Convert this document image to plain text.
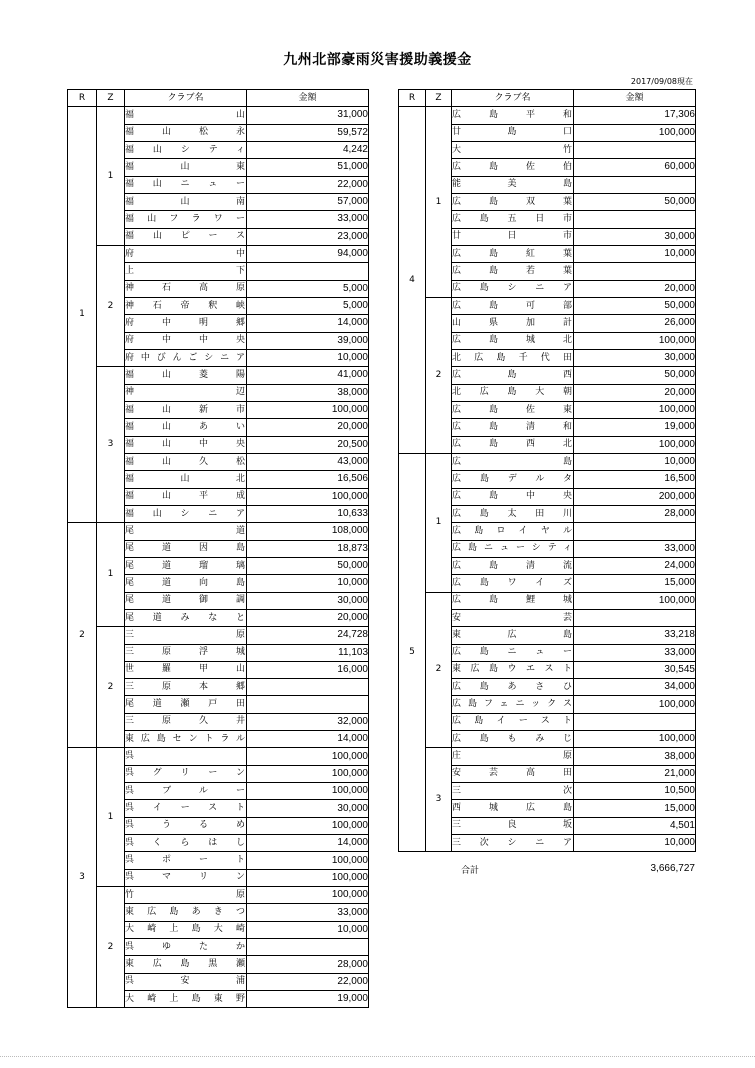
九州北部豪雨災害援助義援金
2017/09/08現在
R	Z	クラブ名	金額
1	1	福山	31,000
		福山松永	59,572
		福山シティ	4,242
		福山東	51,000
		福山ニュー	22,000
		福山南	57,000
		福山フラワー	33,000
		福山ピース	23,000
	2	府中	94,000
		上下	
		神石高原	5,000
		神石帝釈峡	5,000
		府中明郷	14,000
		府中中央	39,000
		府中びんごシニア	10,000
	3	福山菱陽	41,000
		神辺	38,000
		福山新市	100,000
		福山あい	20,000
		福山中央	20,500
		福山久松	43,000
		福山北	16,506
		福山平成	100,000
		福山シニア	10,633
2	1	尾道	108,000
		尾道因島	18,873
		尾道瑠璃	50,000
		尾道向島	10,000
		尾道御調	30,000
		尾道みなと	20,000
	2	三原	24,728
		三原浮城	11,103
		世羅甲山	16,000
		三原本郷	
		尾道瀬戸田	
		三原久井	32,000
		東広島セントラル	14,000
3	1	呉	100,000
		呉グリーン	100,000
		呉ブルー	100,000
		呉イースト	30,000
		呉うるめ	100,000
		呉くらはし	14,000
		呉ポート	100,000
		呉マリン	100,000
	2	竹原	100,000
		東広島あきつ	33,000
		大崎上島大崎	10,000
		呉ゆたか	
		東広島黒瀬	28,000
		呉安浦	22,000
		大崎上島東野	19,000
R	Z	クラブ名	金額
4	1	広島平和	17,306
		廿島口	100,000
		大竹	
		広島佐伯	60,000
		能美島	
		広島双葉	50,000
		広島五日市	
		廿日市	30,000
		広島紅葉	10,000
		広島若葉	
		広島シニア	20,000
	2	広島可部	50,000
		山県加計	26,000
		広島城北	100,000
		北広島千代田	30,000
		広島西	50,000
		北広島大朝	20,000
		広島佐東	100,000
		広島清和	19,000
		広島西北	100,000
5	1	広島	10,000
		広島デルタ	16,500
		広島中央	200,000
		広島太田川	28,000
		広島ロイヤル	
		広島ニューシティ	33,000
		広島清流	24,000
		広島ワイズ	15,000
	2	広島鯉城	100,000
		安芸	
		東広島	33,218
		広島ニュー	33,000
		東広島ウエスト	30,545
		広島あさひ	34,000
		広島フェニックス	100,000
		広島イースト	
		広島もみじ	100,000
	3	庄原	38,000
		安芸高田	21,000
		三次	10,500
		西城広島	15,000
		三良坂	4,501
		三次シニア	10,000
合計	3,666,727
